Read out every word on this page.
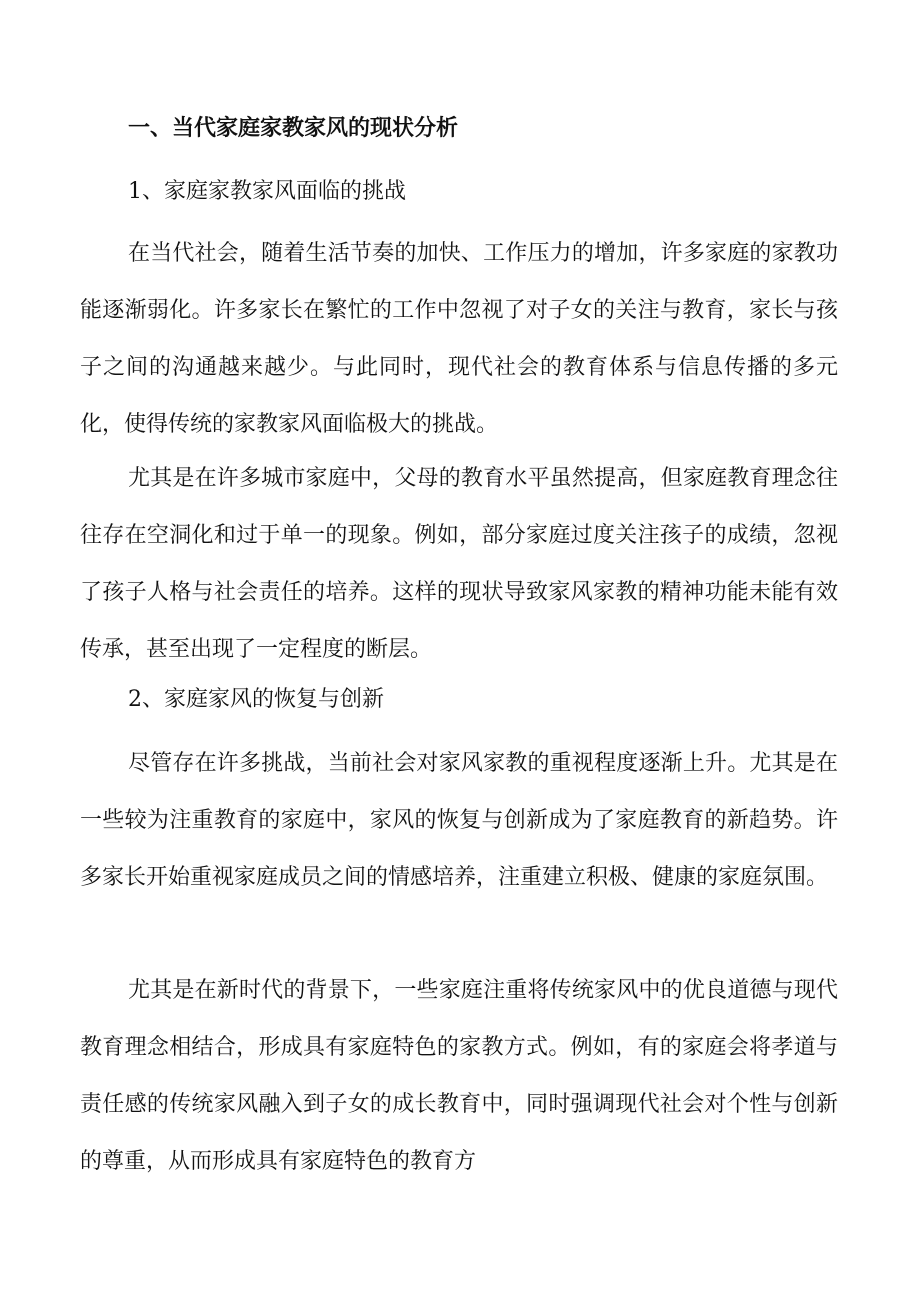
一、当代家庭家教家风的现状分析
1、家庭家教家风面临的挑战

在当代社会，随着生活节奏的加快、工作压力的增加，许多家庭的家教功能逐渐弱化。许多家长在繁忙的工作中忽视了对子女的关注与教育，家长与孩子之间的沟通越来越少。与此同时，现代社会的教育体系与信息传播的多元化，使得传统的家教家风面临极大的挑战。

尤其是在许多城市家庭中，父母的教育水平虽然提高，但家庭教育理念往往存在空洞化和过于单一的现象。例如，部分家庭过度关注孩子的成绩，忽视了孩子人格与社会责任的培养。这样的现状导致家风家教的精神功能未能有效传承，甚至出现了一定程度的断层。

2、家庭家风的恢复与创新

尽管存在许多挑战，当前社会对家风家教的重视程度逐渐上升。尤其是在一些较为注重教育的家庭中，家风的恢复与创新成为了家庭教育的新趋势。许多家长开始重视家庭成员之间的情感培养，注重建立积极、健康的家庭氛围。

尤其是在新时代的背景下，一些家庭注重将传统家风中的优良道德与现代教育理念相结合，形成具有家庭特色的家教方式。例如，有的家庭会将孝道与责任感的传统家风融入到子女的成长教育中，同时强调现代社会对个性与创新的尊重，从而形成具有家庭特色的教育方
